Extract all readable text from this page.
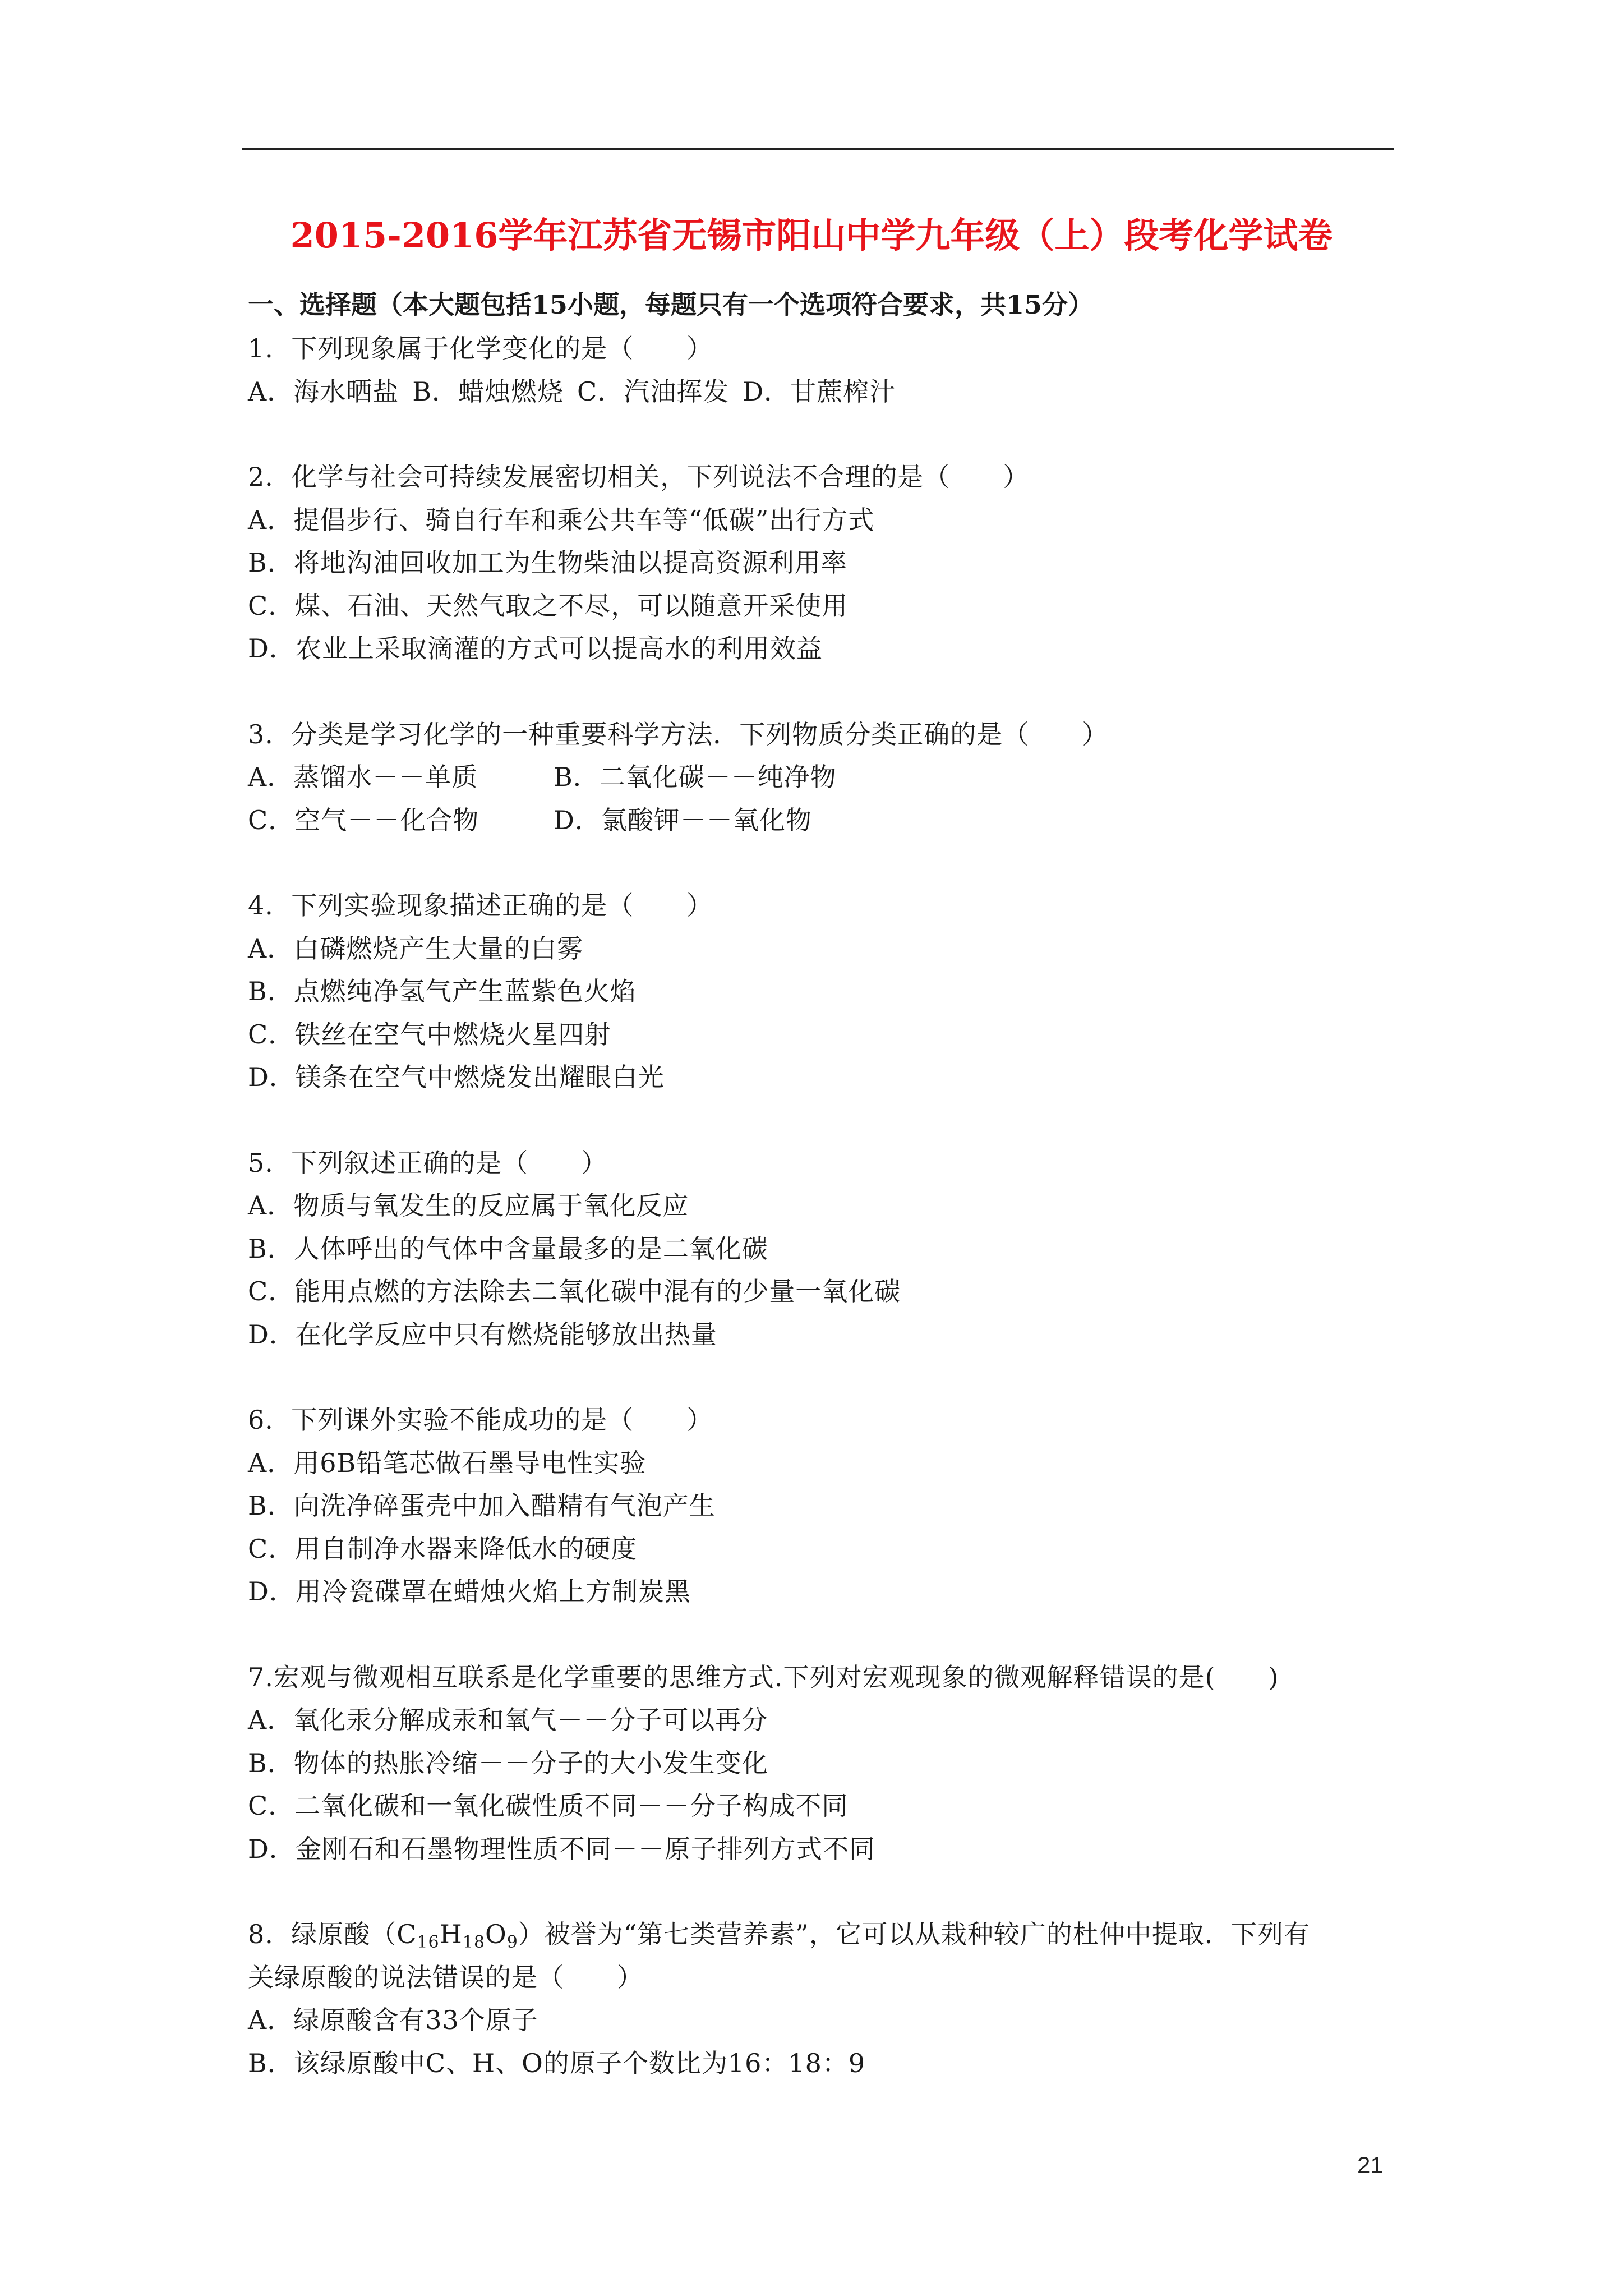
2015-2016学年江苏省无锡市阳山中学九年级（上）段考化学试卷
一、选择题（本大题包括15小题，每题只有一个选项符合要求，共15分）
1．下列现象属于化学变化的是（　　）
A．海水晒盐 B．蜡烛燃烧 C．汽油挥发 D．甘蔗榨汁
2．化学与社会可持续发展密切相关，下列说法不合理的是（　　）
A．提倡步行、骑自行车和乘公共车等“低碳”出行方式
B．将地沟油回收加工为生物柴油以提高资源利用率
C．煤、石油、天然气取之不尽，可以随意开采使用
D．农业上采取滴灌的方式可以提高水的利用效益
3．分类是学习化学的一种重要科学方法．下列物质分类正确的是（　　）
A．蒸馏水－－单质	B．二氧化碳－－纯净物
C．空气－－化合物	D．氯酸钾－－氧化物
4．下列实验现象描述正确的是（　　）
A．白磷燃烧产生大量的白雾
B．点燃纯净氢气产生蓝紫色火焰
C．铁丝在空气中燃烧火星四射
D．镁条在空气中燃烧发出耀眼白光
5．下列叙述正确的是（　　）
A．物质与氧发生的反应属于氧化反应
B．人体呼出的气体中含量最多的是二氧化碳
C．能用点燃的方法除去二氧化碳中混有的少量一氧化碳
D．在化学反应中只有燃烧能够放出热量
6．下列课外实验不能成功的是（　　）
A．用6B铅笔芯做石墨导电性实验
B．向洗净碎蛋壳中加入醋精有气泡产生
C．用自制净水器来降低水的硬度
D．用冷瓷碟罩在蜡烛火焰上方制炭黑
7.宏观与微观相互联系是化学重要的思维方式.下列对宏观现象的微观解释错误的是(　　)
A．氧化汞分解成汞和氧气－－分子可以再分
B．物体的热胀冷缩－－分子的大小发生变化
C．二氧化碳和一氧化碳性质不同－－分子构成不同
D．金刚石和石墨物理性质不同－－原子排列方式不同
8．绿原酸$(C_{16}H_{18}O_9)$被誉为“第七类营养素”，它可以从栽种较广的杜仲中提取．下列有
关绿原酸的说法错误的是（　　）
A．绿原酸含有33个原子
B．该绿原酸中C、H、O的原子个数比为16：18：9
21
